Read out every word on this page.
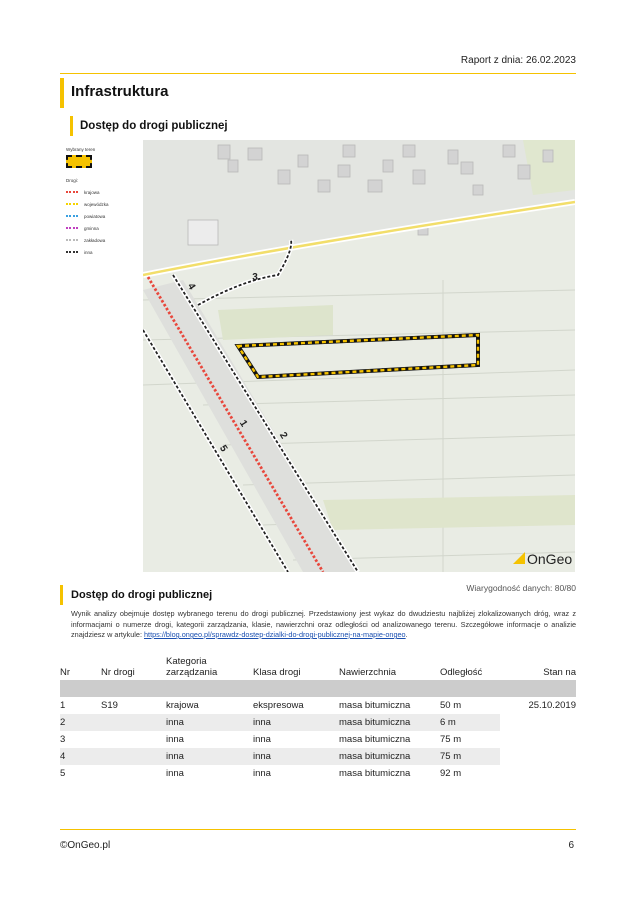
Raport z dnia: 26.02.2023
Infrastruktura
Dostęp do drogi publicznej
Wybrany teren
Drogi:
krajowa
wojewódzka
powiatowa
gminna
zakładowa
inna
1
2
3
4
5
OnGeo
Wiarygodność danych: 80/80
Dostęp do drogi publicznej
Wynik analizy obejmuje dostęp wybranego terenu do drogi publicznej. Przedstawiony jest wykaz do dwudziestu najbliżej zlokalizowanych dróg, wraz z informacjami o numerze drogi, kategorii zarządzania, klasie, nawierzchni oraz odległości od analizowanego terenu. Szczegółowe informacje o analizie znajdziesz w artykule: https://blog.ongeo.pl/sprawdz-dostep-dzialki-do-drogi-publicznej-na-mapie-ongeo.
Nr	Nr drogi	Kategoria zarządzania	Klasa drogi	Nawierzchnia	Odległość	Stan na

1	S19	krajowa	ekspresowa	masa bitumiczna	50 m	25.10.2019
2		inna	inna	masa bitumiczna	6 m	
3		inna	inna	masa bitumiczna	75 m	
4		inna	inna	masa bitumiczna	75 m	
5		inna	inna	masa bitumiczna	92 m	
©OnGeo.pl	6
